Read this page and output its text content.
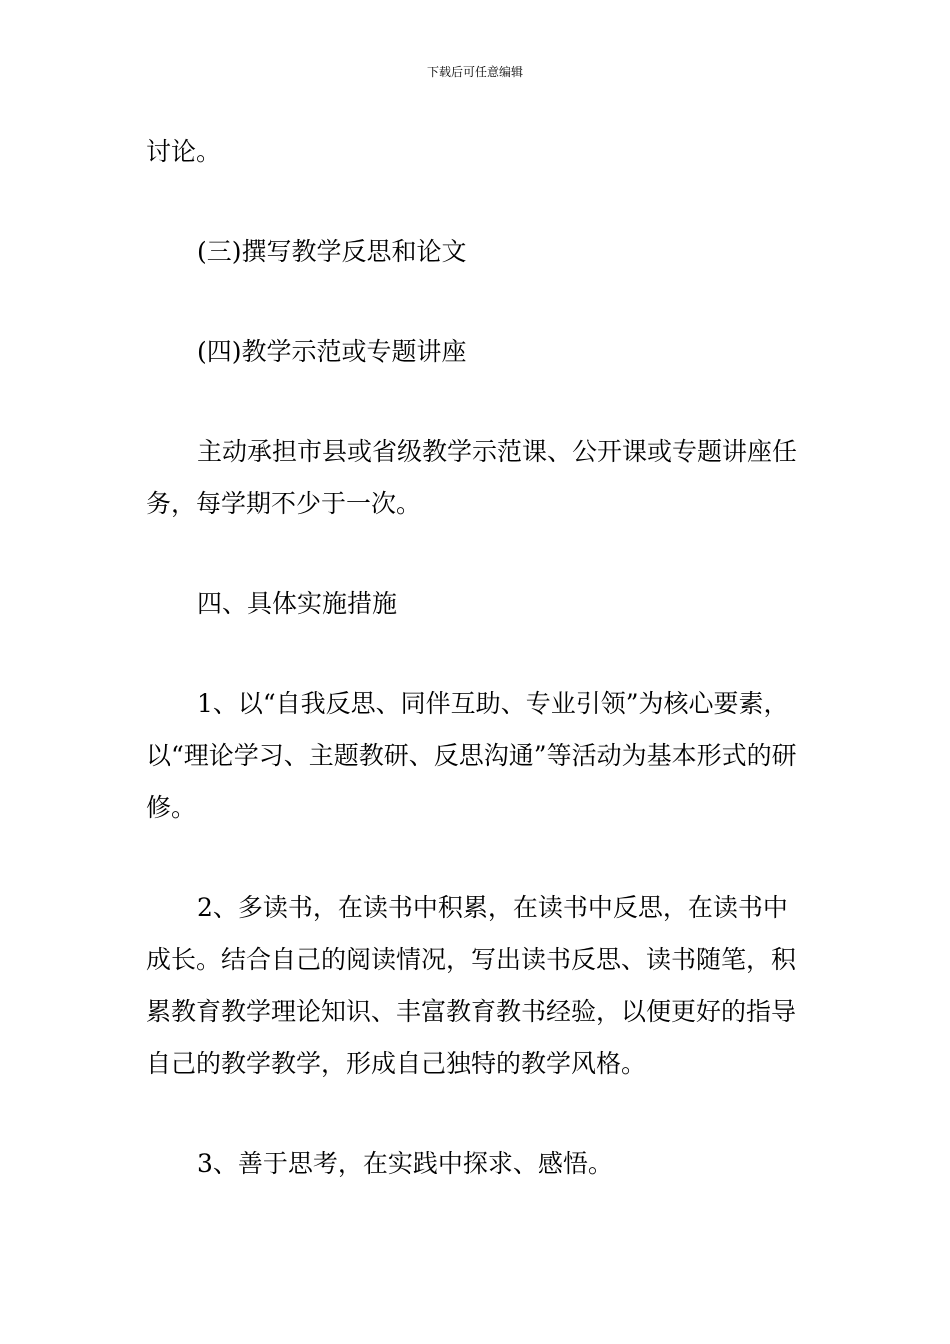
下载后可任意编辑

讨论。

(三)撰写教学反思和论文

(四)教学示范或专题讲座

主动承担市县或省级教学示范课、公开课或专题讲座任务，每学期不少于一次。

四、具体实施措施

1、以“自我反思、同伴互助、专业引领”为核心要素，以“理论学习、主题教研、反思沟通”等活动为基本形式的研修。

2、多读书，在读书中积累，在读书中反思，在读书中成长。结合自己的阅读情况，写出读书反思、读书随笔，积累教育教学理论知识、丰富教育教书经验，以便更好的指导自己的教学教学，形成自己独特的教学风格。

3、善于思考，在实践中探求、感悟。
